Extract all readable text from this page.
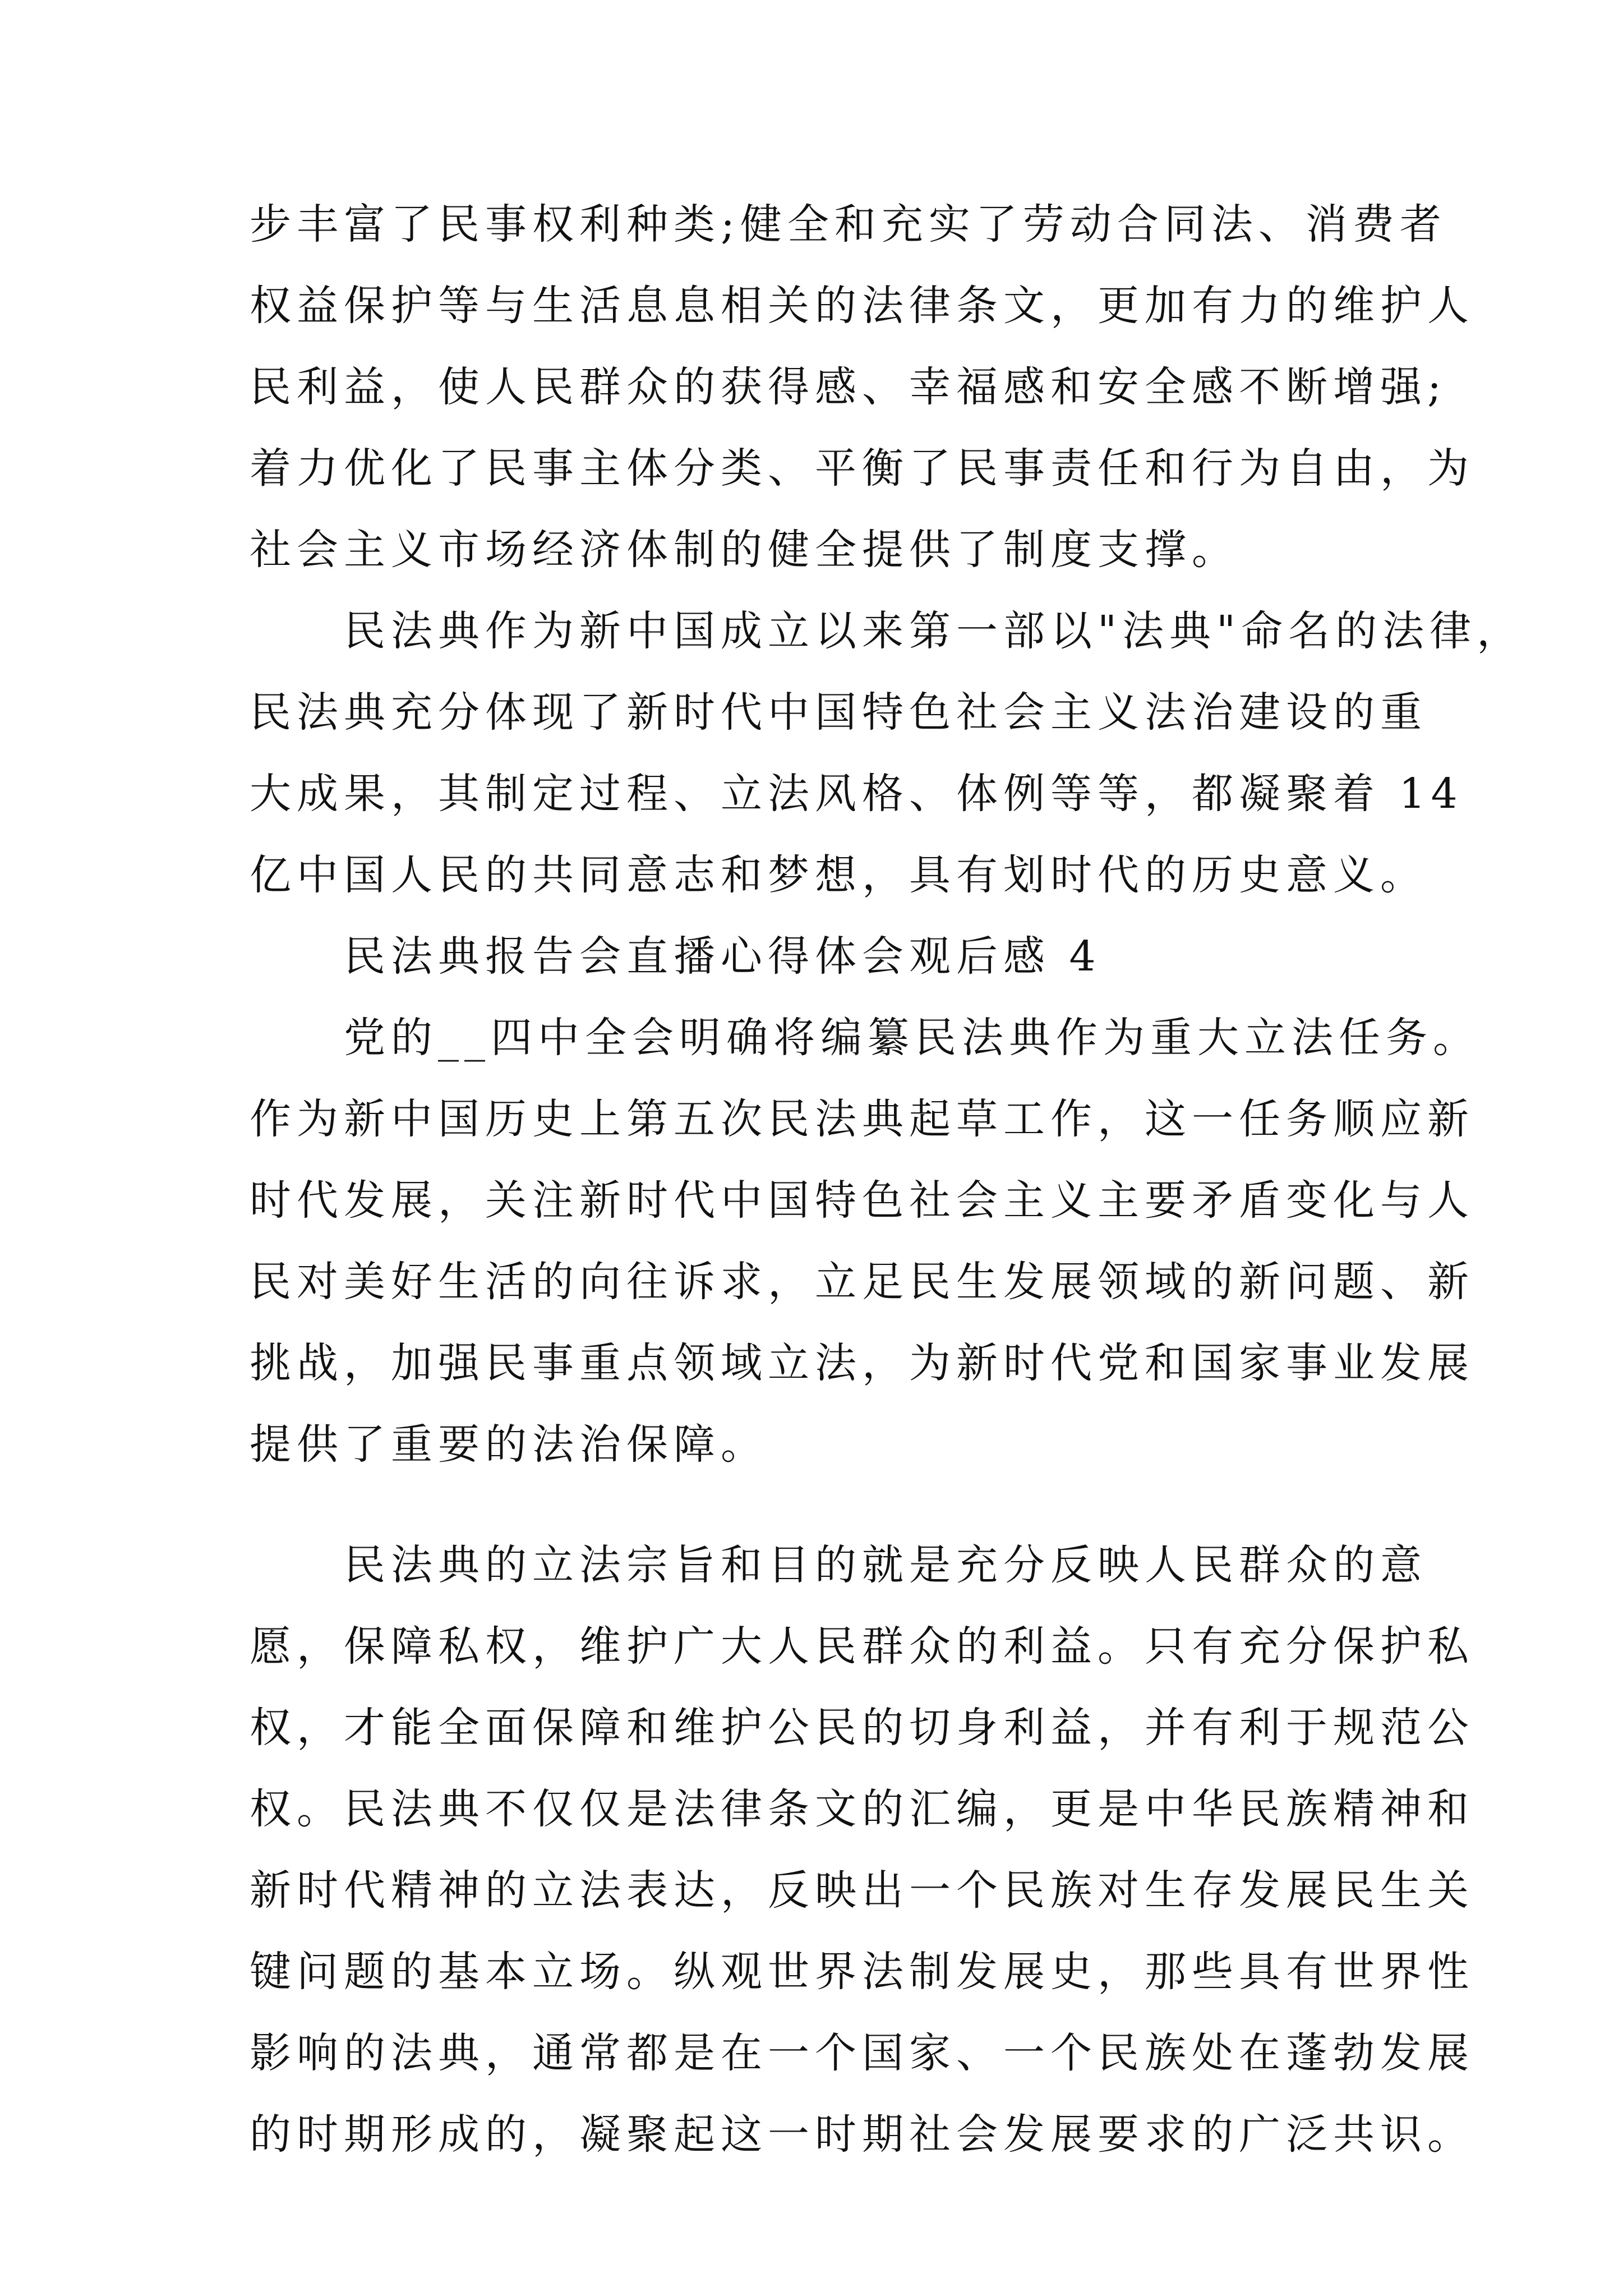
步丰富了民事权利种类;健全和充实了劳动合同法、消费者
权益保护等与生活息息相关的法律条文，更加有力的维护人
民利益，使人民群众的获得感、幸福感和安全感不断增强;
着力优化了民事主体分类、平衡了民事责任和行为自由，为
社会主义市场经济体制的健全提供了制度支撑。
　　民法典作为新中国成立以来第一部以"法典"命名的法律，
民法典充分体现了新时代中国特色社会主义法治建设的重
大成果，其制定过程、立法风格、体例等等，都凝聚着 14
亿中国人民的共同意志和梦想，具有划时代的历史意义。
　　民法典报告会直播心得体会观后感 4
　　党的__四中全会明确将编纂民法典作为重大立法任务。
作为新中国历史上第五次民法典起草工作，这一任务顺应新
时代发展，关注新时代中国特色社会主义主要矛盾变化与人
民对美好生活的向往诉求，立足民生发展领域的新问题、新
挑战，加强民事重点领域立法，为新时代党和国家事业发展
提供了重要的法治保障。
　　民法典的立法宗旨和目的就是充分反映人民群众的意
愿，保障私权，维护广大人民群众的利益。只有充分保护私
权，才能全面保障和维护公民的切身利益，并有利于规范公
权。民法典不仅仅是法律条文的汇编，更是中华民族精神和
新时代精神的立法表达，反映出一个民族对生存发展民生关
键问题的基本立场。纵观世界法制发展史，那些具有世界性
影响的法典，通常都是在一个国家、一个民族处在蓬勃发展
的时期形成的，凝聚起这一时期社会发展要求的广泛共识。
